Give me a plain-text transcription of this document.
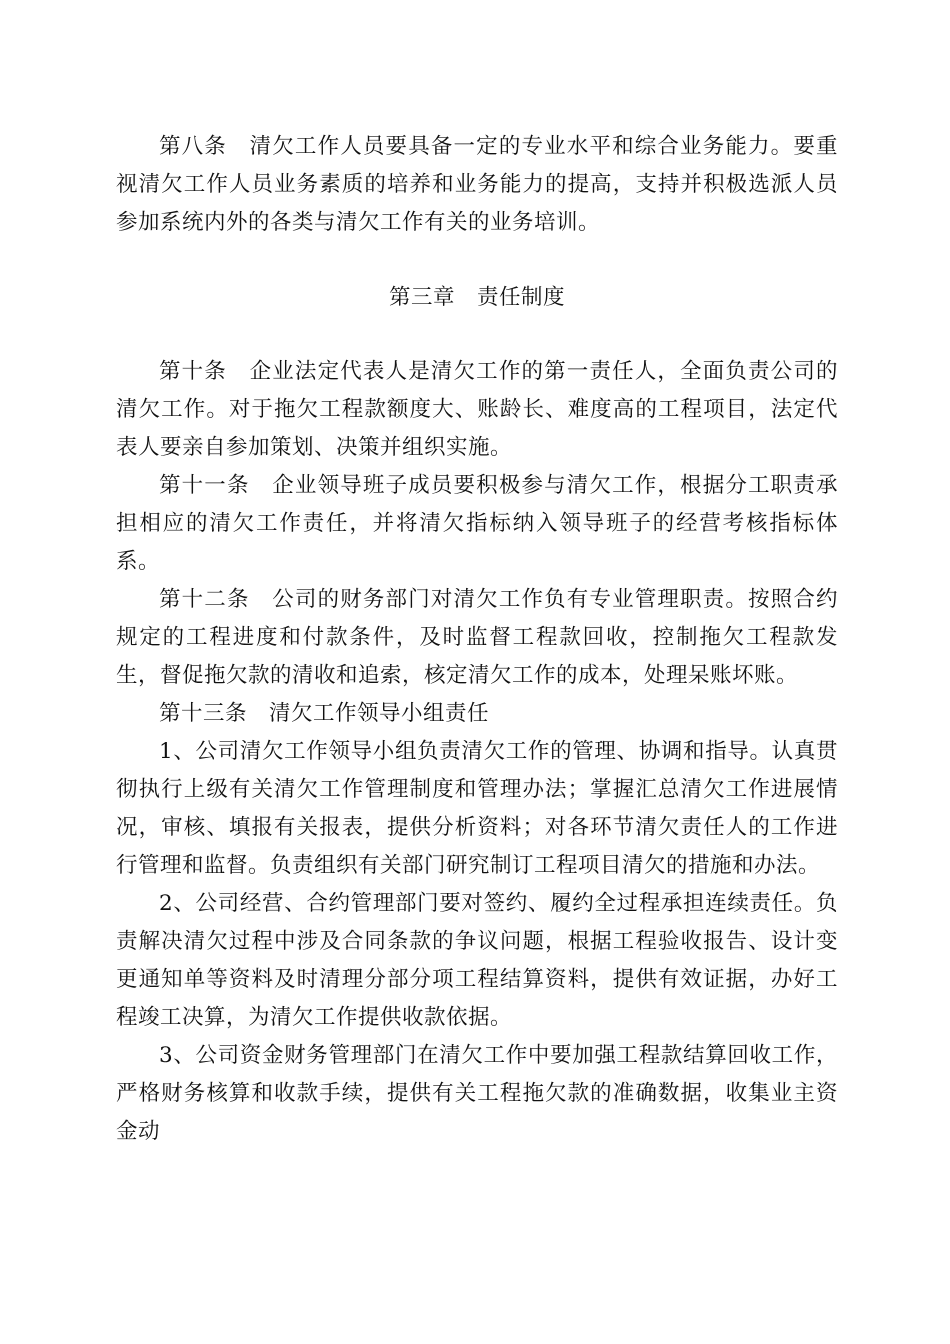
第八条　清欠工作人员要具备一定的专业水平和综合业务能力。要重视清欠工作人员业务素质的培养和业务能力的提高，支持并积极选派人员参加系统内外的各类与清欠工作有关的业务培训。

第三章　责任制度

第十条　企业法定代表人是清欠工作的第一责任人，全面负责公司的清欠工作。对于拖欠工程款额度大、账龄长、难度高的工程项目，法定代表人要亲自参加策划、决策并组织实施。

第十一条　企业领导班子成员要积极参与清欠工作，根据分工职责承担相应的清欠工作责任，并将清欠指标纳入领导班子的经营考核指标体系。

第十二条　公司的财务部门对清欠工作负有专业管理职责。按照合约规定的工程进度和付款条件，及时监督工程款回收，控制拖欠工程款发生，督促拖欠款的清收和追索，核定清欠工作的成本，处理呆账坏账。

第十三条　清欠工作领导小组责任

1、公司清欠工作领导小组负责清欠工作的管理、协调和指导。认真贯彻执行上级有关清欠工作管理制度和管理办法；掌握汇总清欠工作进展情况，审核、填报有关报表，提供分析资料；对各环节清欠责任人的工作进行管理和监督。负责组织有关部门研究制订工程项目清欠的措施和办法。

2、公司经营、合约管理部门要对签约、履约全过程承担连续责任。负责解决清欠过程中涉及合同条款的争议问题，根据工程验收报告、设计变更通知单等资料及时清理分部分项工程结算资料，提供有效证据，办好工程竣工决算，为清欠工作提供收款依据。

3、公司资金财务管理部门在清欠工作中要加强工程款结算回收工作，严格财务核算和收款手续，提供有关工程拖欠款的准确数据，收集业主资金动
